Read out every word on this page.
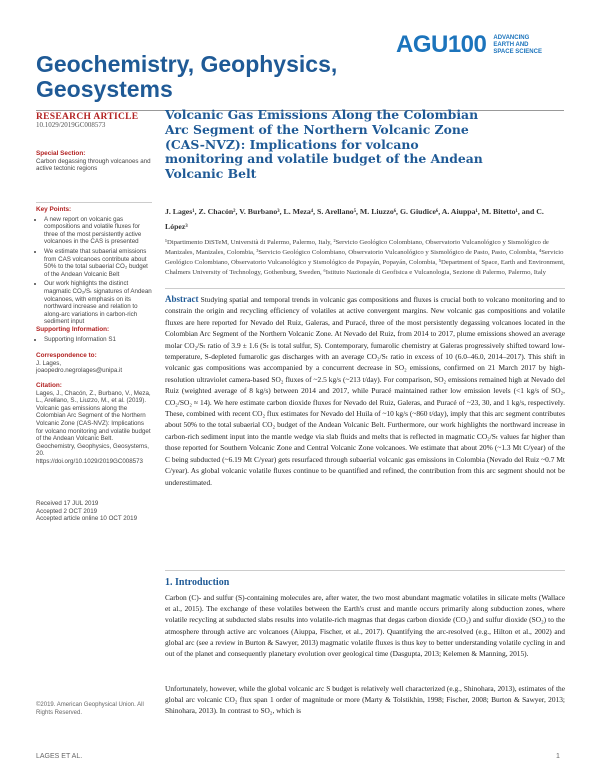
AGU100 ADVANCING EARTH AND SPACE SCIENCE
Geochemistry, Geophysics,
Geosystems
RESEARCH ARTICLE
10.1029/2019GC008573
Special Section:
Carbon degassing through volcanoes and active tectonic regions
Key Points:
• A new report on volcanic gas compositions and volatile fluxes for three of the most persistently active volcanoes in the CAS is presented
• We estimate that subaerial emissions from CAS volcanoes contribute about 50% to the total subaerial CO₂ budget of the Andean Volcanic Belt
• Our work highlights the distinct magmatic CO₂/Sₜ signatures of Andean volcanoes, with emphasis on its northward increase and relation to along-arc variations in carbon-rich sediment input
Supporting Information:
• Supporting Information S1
Correspondence to:
J. Lages,
joaopedro.negrolages@unipa.it
Citation:
Lages, J., Chacón, Z., Burbano, V., Meza, L., Arellano, S., Liuzzo, M., et al. (2019). Volcanic gas emissions along the Colombian Arc Segment of the Northern Volcanic Zone (CAS-NVZ): Implications for volcano monitoring and volatile budget of the Andean Volcanic Belt. Geochemistry, Geophysics, Geosystems, 20. https://doi.org/10.1029/2019GC008573
Received 17 JUL 2019
Accepted 2 OCT 2019
Accepted article online 10 OCT 2019
©2019. American Geophysical Union. All Rights Reserved.
Volcanic Gas Emissions Along the Colombian Arc Segment of the Northern Volcanic Zone (CAS-NVZ): Implications for volcano monitoring and volatile budget of the Andean Volcanic Belt
J. Lages¹, Z. Chacón², V. Burbano³, L. Meza⁴, S. Arellano⁵, M. Liuzzo⁶, G. Giudice⁶, A. Aiuppa¹, M. Bitetto¹, and C. López³
¹Dipartimento DiSTeM, Università di Palermo, Palermo, Italy, ²Servicio Geológico Colombiano, Observatorio Vulcanológico y Sismológico de Manizales, Manizales, Colombia, ³Servicio Geológico Colombiano, Observatorio Vulcanológico y Sismológico de Pasto, Pasto, Colombia, ⁴Servicio Geológico Colombiano, Observatorio Vulcanológico y Sismológico de Popayán, Popayán, Colombia, ⁵Department of Space, Earth and Environment, Chalmers University of Technology, Gothenburg, Sweden, ⁶Istituto Nazionale di Geofisica e Vulcanologia, Sezione di Palermo, Palermo, Italy
Abstract Studying spatial and temporal trends in volcanic gas compositions and fluxes is crucial both to volcano monitoring and to constrain the origin and recycling efficiency of volatiles at active convergent margins. New volcanic gas compositions and volatile fluxes are here reported for Nevado del Ruiz, Galeras, and Puracé, three of the most persistently degassing volcanoes located in the Colombian Arc Segment of the Northern Volcanic Zone. At Nevado del Ruiz, from 2014 to 2017, plume emissions showed an average molar CO₂/Sₜ ratio of 3.9 ± 1.6 (Sₜ is total sulfur, S). Contemporary, fumarolic chemistry at Galeras progressively shifted toward low-temperature, S-depleted fumarolic gas discharges with an average CO₂/Sₜ ratio in excess of 10 (6.0–46.0, 2014–2017). This shift in volcanic gas compositions was accompanied by a concurrent decrease in SO₂ emissions, confirmed on 21 March 2017 by high-resolution ultraviolet camera-based SO₂ fluxes of ~2.5 kg/s (~213 t/day). For comparison, SO₂ emissions remained high at Nevado del Ruiz (weighted average of 8 kg/s) between 2014 and 2017, while Puracé maintained rather low emission levels (<1 kg/s of SO₂, CO₂/SO₂ ≈ 14). We here estimate carbon dioxide fluxes for Nevado del Ruiz, Galeras, and Puracé of ~23, 30, and 1 kg/s, respectively. These, combined with recent CO₂ flux estimates for Nevado del Huila of ~10 kg/s (~860 t/day), imply that this arc segment contributes about 50% to the total subaerial CO₂ budget of the Andean Volcanic Belt. Furthermore, our work highlights the northward increase in carbon-rich sediment input into the mantle wedge via slab fluids and melts that is reflected in magmatic CO₂/Sₜ values far higher than those reported for Southern Volcanic Zone and Central Volcanic Zone volcanoes. We estimate that about 20% (~1.3 Mt C/year) of the C being subducted (~6.19 Mt C/year) gets resurfaced through subaerial volcanic gas emissions in Colombia (Nevado del Ruiz ~0.7 Mt C/year). As global volcanic volatile fluxes continue to be quantified and refined, the contribution from this arc segment should not be underestimated.
1. Introduction
Carbon (C)- and sulfur (S)-containing molecules are, after water, the two most abundant magmatic volatiles in silicate melts (Wallace et al., 2015). The exchange of these volatiles between the Earth's crust and mantle occurs primarily along subduction zones, where volatile recycling at subducted slabs results into volatile-rich magmas that degas carbon dioxide (CO₂) and sulfur dioxide (SO₂) to the atmosphere through active arc volcanoes (Aiuppa, Fischer, et al., 2017). Quantifying the arc-resolved (e.g., Hilton et al., 2002) and global arc (see a review in Burton & Sawyer, 2013) magmatic volatile fluxes is thus key to better understanding volatile cycling in and out of the planet and consequently planetary evolution over geological time (Dasgupta, 2013; Kelemen & Manning, 2015).
Unfortunately, however, while the global volcanic arc S budget is relatively well characterized (e.g., Shinohara, 2013), estimates of the global arc volcanic CO₂ flux span 1 order of magnitude or more (Marty & Tolstikhin, 1998; Fischer, 2008; Burton & Sawyer, 2013; Shinohara, 2013). In contrast to SO₂, which is
LAGES ET AL.	1
